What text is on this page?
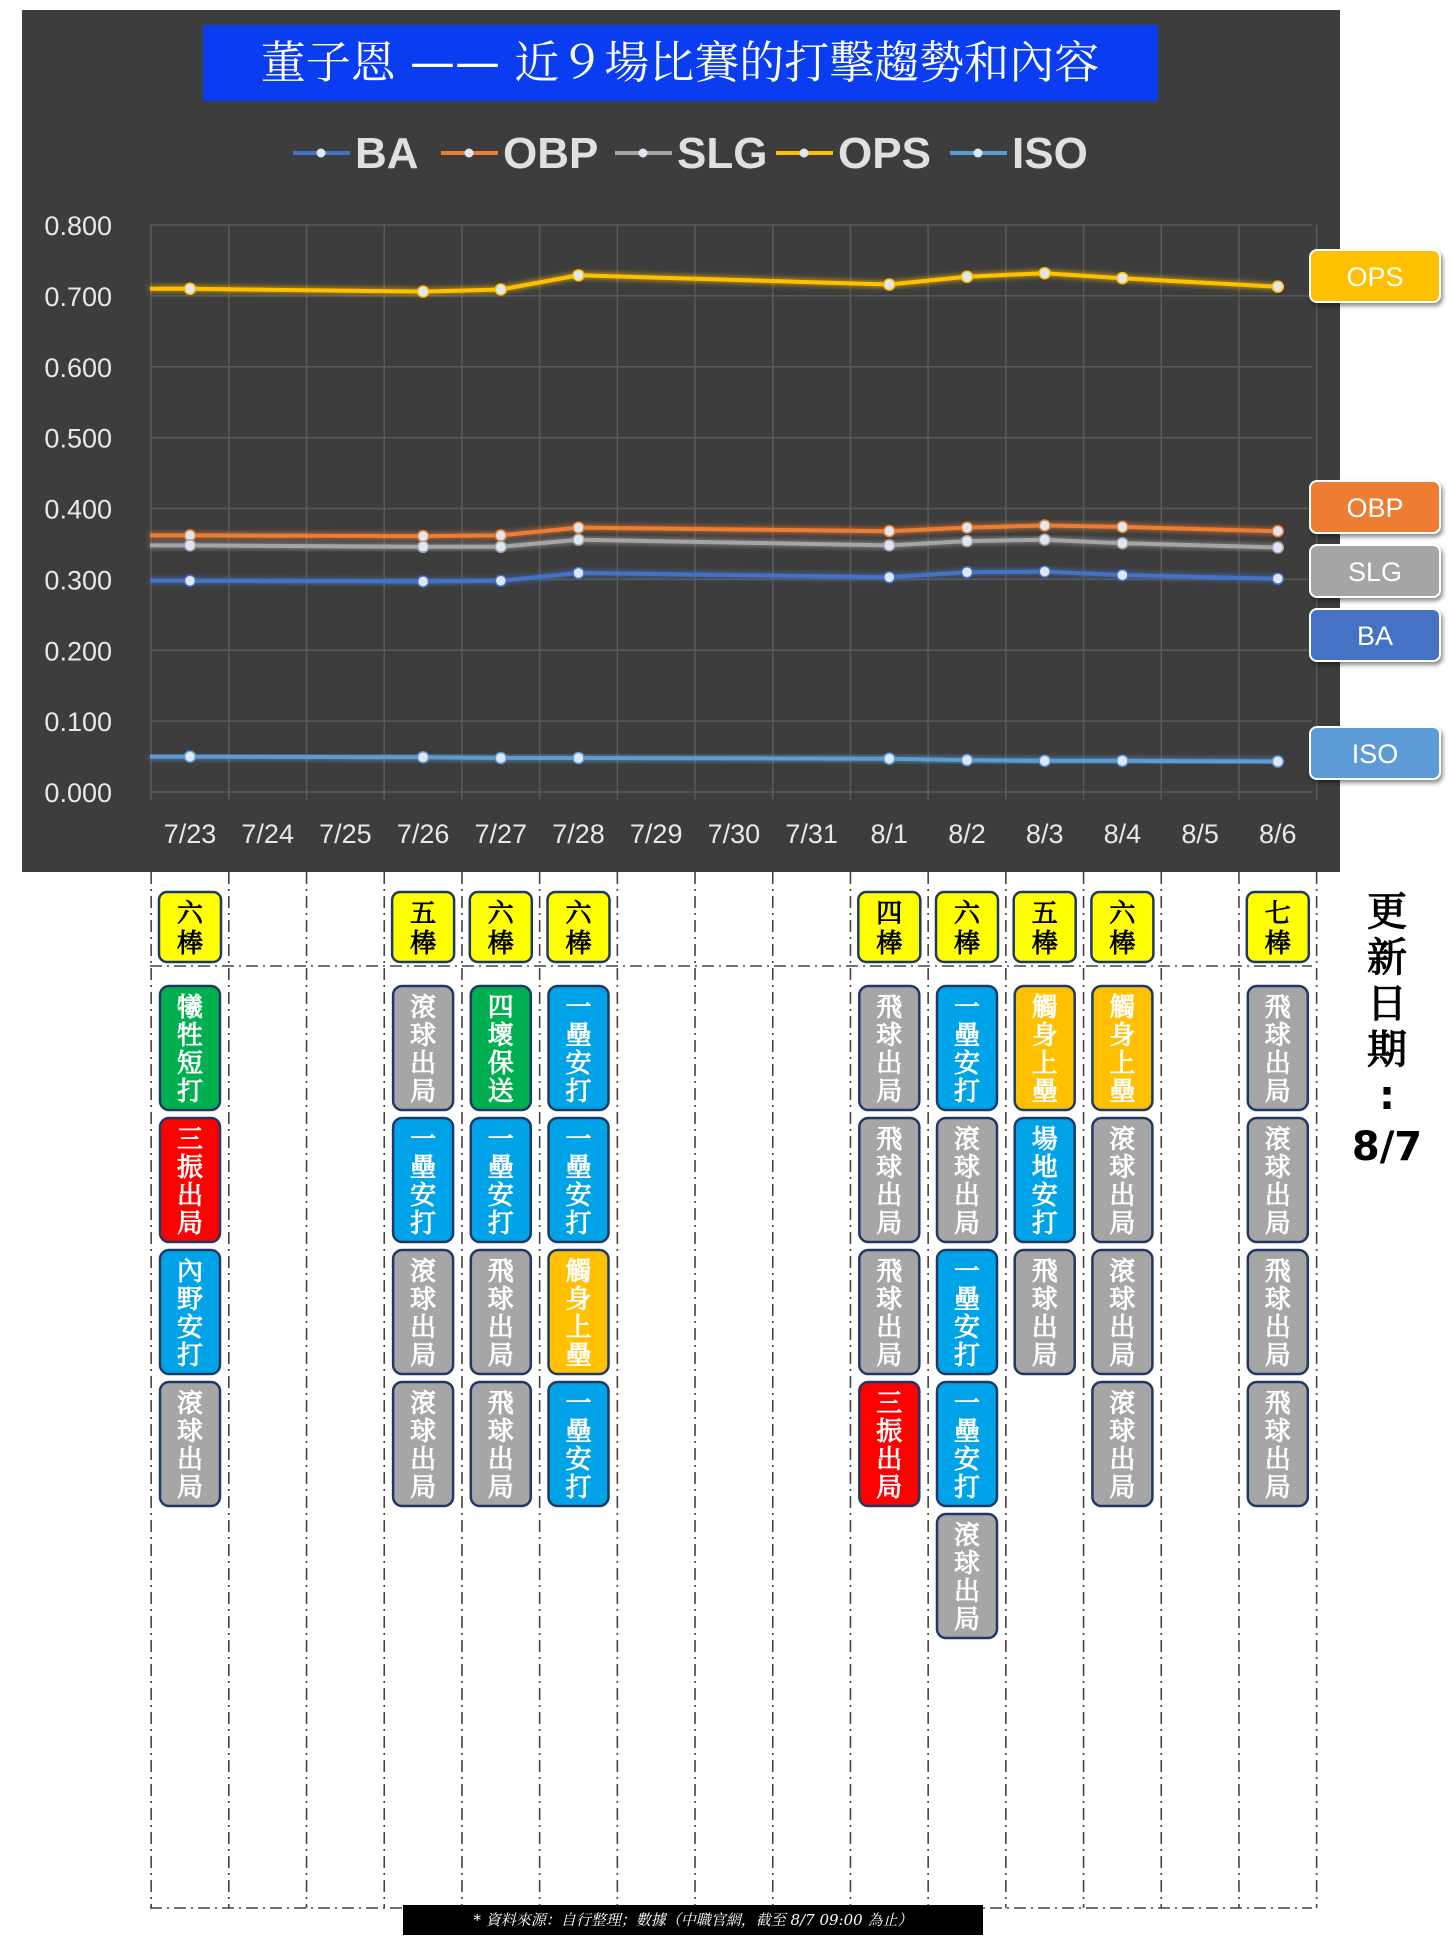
董子恩 —— 近９場比賽的打擊趨勢和內容
BA OBP SLG OPS ISO
0.800
0.700
0.600
0.500
0.400
0.300
0.200
0.100
0.000
7/23 7/24 7/25 7/26 7/27 7/28 7/29 7/30 7/31 8/1 8/2 8/3 8/4 8/5 8/6
OPS
OBP
SLG
BA
ISO
六棒
犧牲短打
三振出局
內野安打
滾球出局
五棒
滾球出局
一壘安打
滾球出局
滾球出局
六棒
四壞保送
一壘安打
飛球出局
飛球出局
六棒
一壘安打
一壘安打
觸身上壘
一壘安打
四棒
飛球出局
飛球出局
飛球出局
三振出局
六棒
一壘安打
滾球出局
一壘安打
一壘安打
滾球出局
五棒
觸身上壘
場地安打
飛球出局
六棒
觸身上壘
滾球出局
滾球出局
滾球出局
七棒
飛球出局
滾球出局
飛球出局
飛球出局
更新日期:
8/7
* 資料來源：自行整理；數據（中職官網，截至 8/7 09:00 為止）
